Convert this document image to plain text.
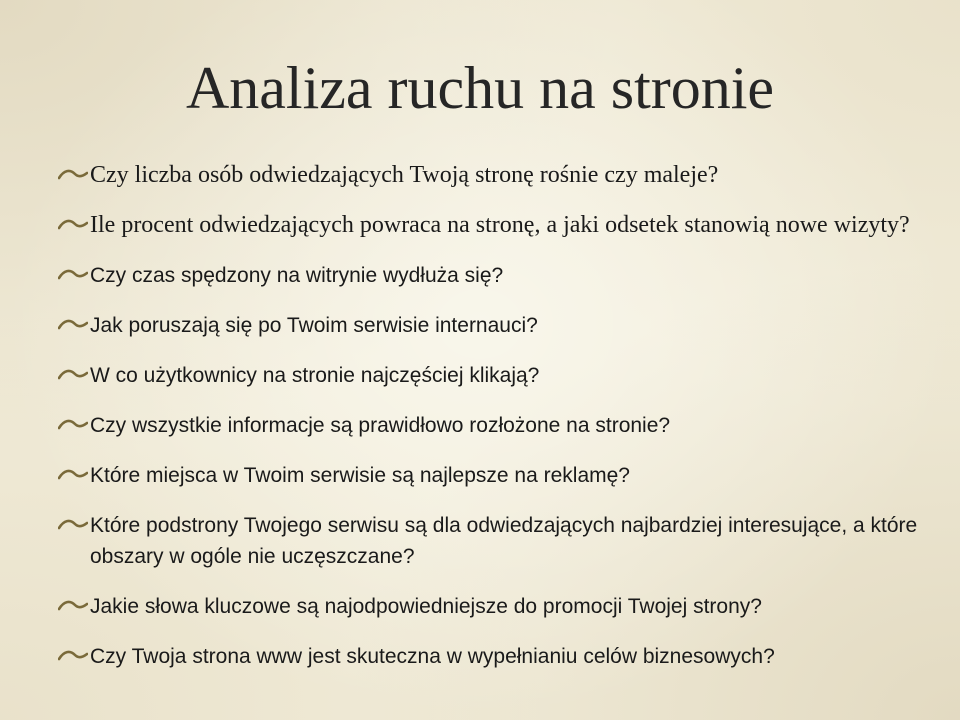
Analiza ruchu na stronie
Czy liczba osób odwiedzających Twoją stronę rośnie czy maleje?
Ile procent odwiedzających powraca na stronę, a jaki odsetek stanowią nowe wizyty?
Czy czas spędzony na witrynie wydłuża się?
Jak poruszają się po Twoim serwisie internauci?
W co użytkownicy na stronie najczęściej klikają?
Czy wszystkie informacje są prawidłowo rozłożone na stronie?
Które miejsca w Twoim serwisie są najlepsze na reklamę?
Które podstrony Twojego serwisu są dla odwiedzających najbardziej interesujące, a które obszary w ogóle nie uczęszczane?
Jakie słowa kluczowe są najodpowiedniejsze do promocji Twojej strony?
Czy Twoja strona www jest skuteczna w wypełnianiu celów biznesowych?
